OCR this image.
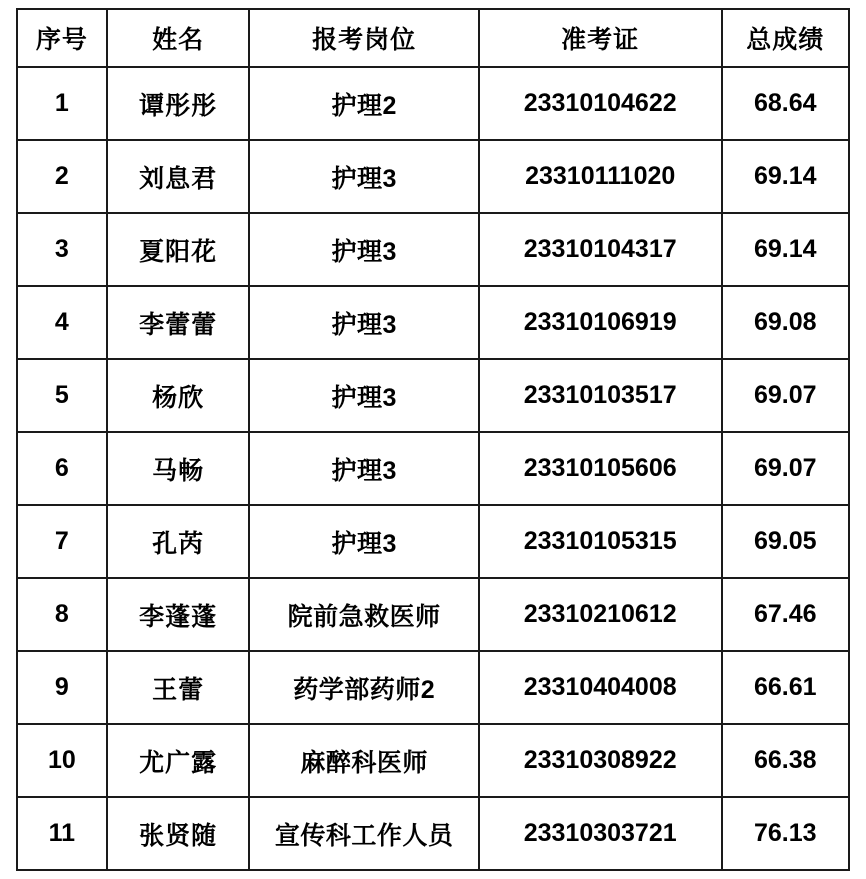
序号	姓名	报考岗位	准考证	总成绩
1	谭彤彤	护理2	23310104622	68.64
2	刘息君	护理3	23310111020	69.14
3	夏阳花	护理3	23310104317	69.14
4	李蕾蕾	护理3	23310106919	69.08
5	杨欣	护理3	23310103517	69.07
6	马畅	护理3	23310105606	69.07
7	孔芮	护理3	23310105315	69.05
8	李蓬蓬	院前急救医师	23310210612	67.46
9	王蕾	药学部药师2	23310404008	66.61
10	尤广露	麻醉科医师	23310308922	66.38
11	张贤随	宣传科工作人员	23310303721	76.13
